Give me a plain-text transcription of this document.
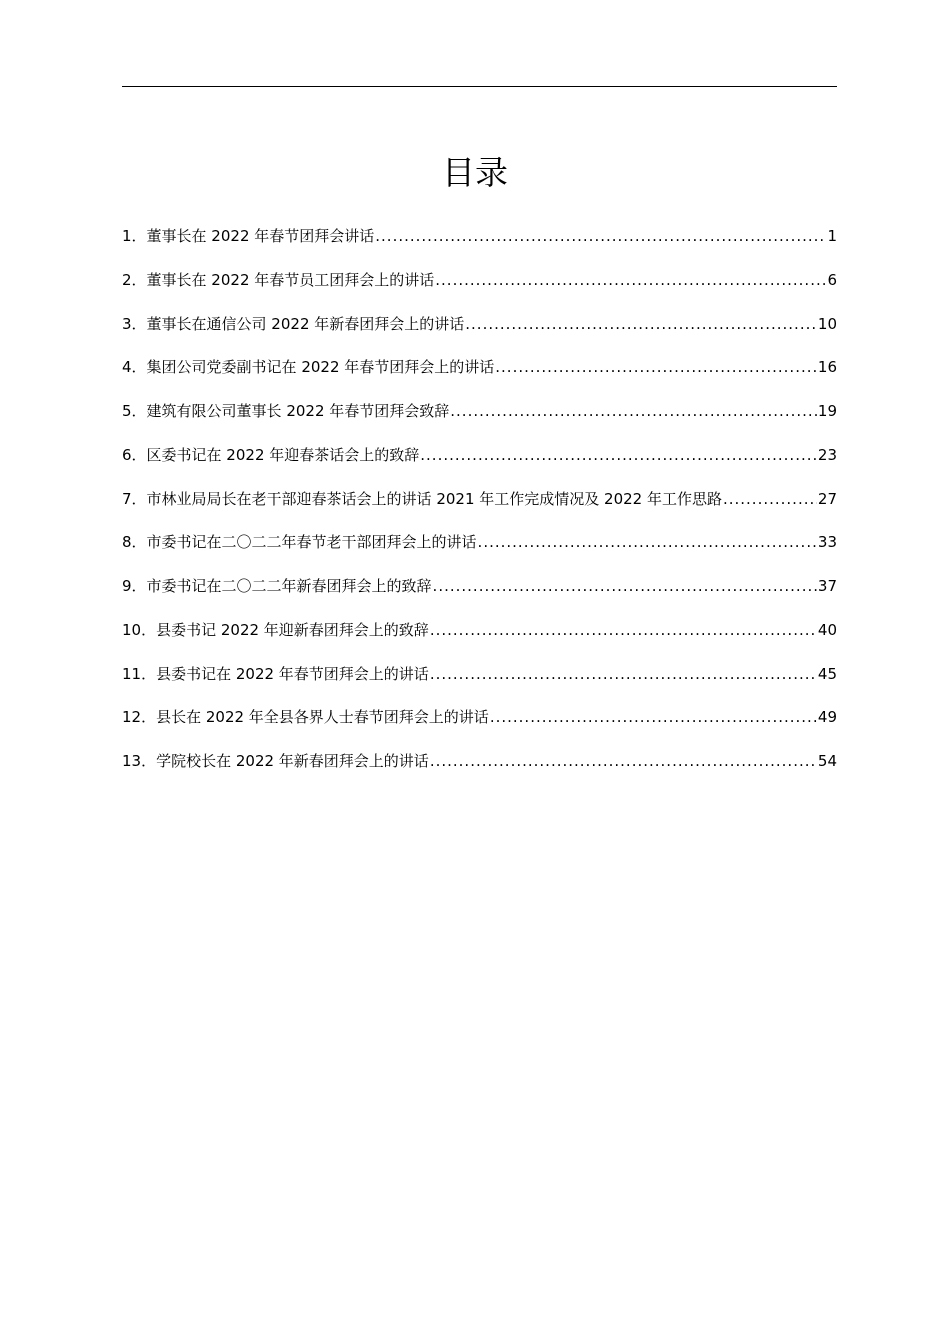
目录
1．董事长在 2022 年春节团拜会讲话 .....	1
2．董事长在 2022 年春节员工团拜会上的讲话 .....	6
3．董事长在通信公司 2022 年新春团拜会上的讲话 .....	10
4．集团公司党委副书记在 2022 年春节团拜会上的讲话 .....	16
5．建筑有限公司董事长 2022 年春节团拜会致辞 .....	19
6．区委书记在 2022 年迎春茶话会上的致辞 .....	23
7．市林业局局长在老干部迎春茶话会上的讲话 2021 年工作完成情况及 2022 年工作思路 .....	27
8．市委书记在二〇二二年春节老干部团拜会上的讲话 .....	33
9．市委书记在二〇二二年新春团拜会上的致辞 .....	37
10．县委书记 2022 年迎新春团拜会上的致辞 .....	40
11．县委书记在 2022 年春节团拜会上的讲话 .....	45
12．县长在 2022 年全县各界人士春节团拜会上的讲话 .....	49
13．学院校长在 2022 年新春团拜会上的讲话 .....	54
